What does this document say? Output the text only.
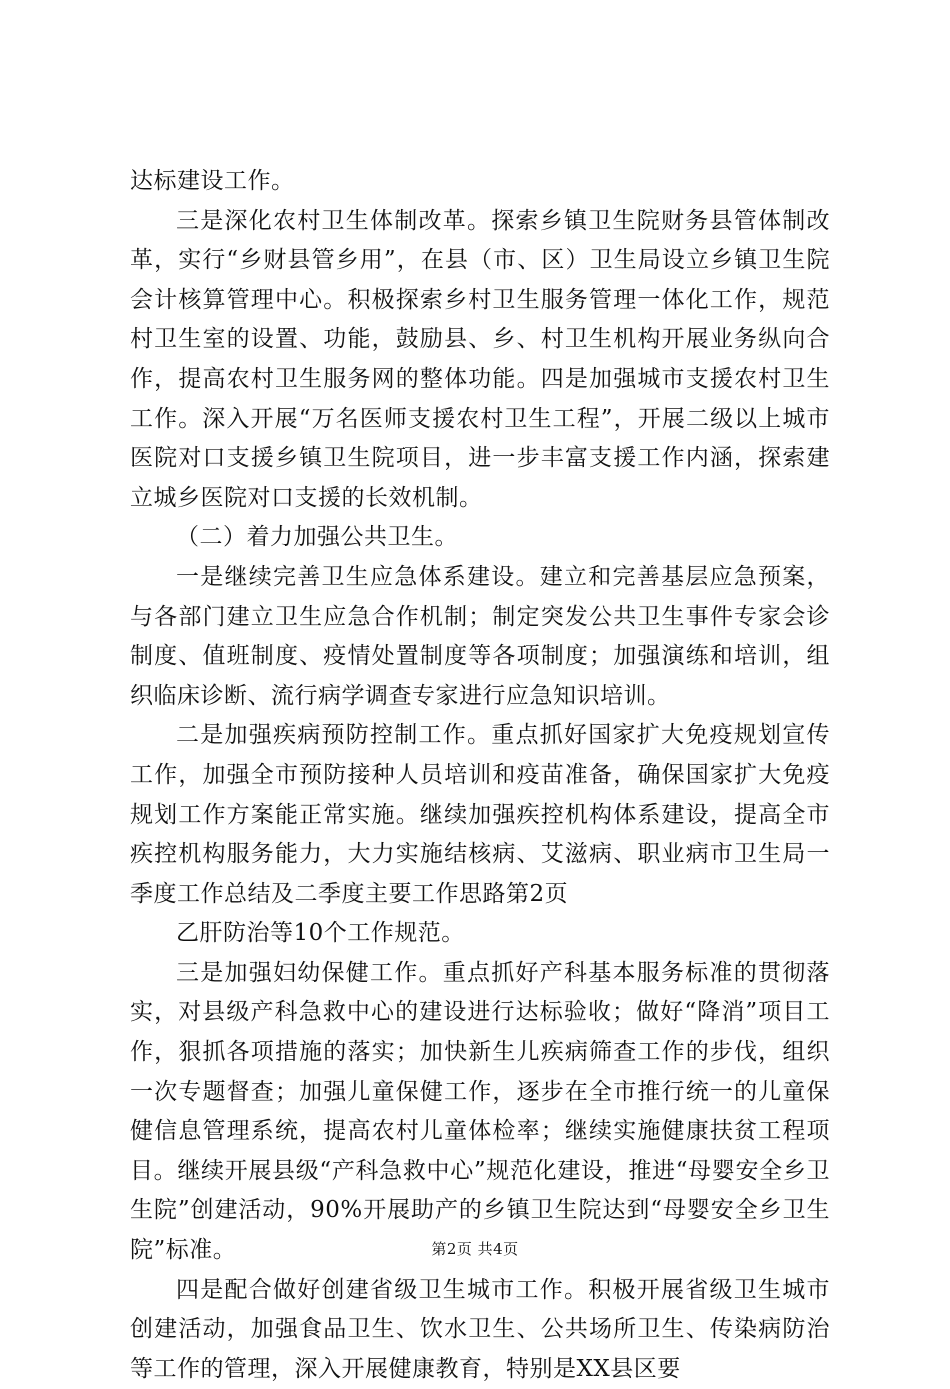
达标建设工作。

三是深化农村卫生体制改革。探索乡镇卫生院财务县管体制改革，实行“乡财县管乡用”，在县（市、区）卫生局设立乡镇卫生院会计核算管理中心。积极探索乡村卫生服务管理一体化工作，规范村卫生室的设置、功能，鼓励县、乡、村卫生机构开展业务纵向合作，提高农村卫生服务网的整体功能。四是加强城市支援农村卫生工作。深入开展“万名医师支援农村卫生工程”，开展二级以上城市医院对口支援乡镇卫生院项目，进一步丰富支援工作内涵，探索建立城乡医院对口支援的长效机制。

（二）着力加强公共卫生。

一是继续完善卫生应急体系建设。建立和完善基层应急预案，与各部门建立卫生应急合作机制；制定突发公共卫生事件专家会诊制度、值班制度、疫情处置制度等各项制度；加强演练和培训，组织临床诊断、流行病学调查专家进行应急知识培训。

二是加强疾病预防控制工作。重点抓好国家扩大免疫规划宣传工作，加强全市预防接种人员培训和疫苗准备，确保国家扩大免疫规划工作方案能正常实施。继续加强疾控机构体系建设，提高全市疾控机构服务能力，大力实施结核病、艾滋病、职业病市卫生局一季度工作总结及二季度主要工作思路第2页

乙肝防治等10个工作规范。

三是加强妇幼保健工作。重点抓好产科基本服务标准的贯彻落实，对县级产科急救中心的建设进行达标验收；做好“降消”项目工作，狠抓各项措施的落实；加快新生儿疾病筛查工作的步伐，组织一次专题督查；加强儿童保健工作，逐步在全市推行统一的儿童保健信息管理系统，提高农村儿童体检率；继续实施健康扶贫工程项目。继续开展县级“产科急救中心”规范化建设，推进“母婴安全乡卫生院”创建活动，90%开展助产的乡镇卫生院达到“母婴安全乡卫生院”标准。

四是配合做好创建省级卫生城市工作。积极开展省级卫生城市创建活动，加强食品卫生、饮水卫生、公共场所卫生、传染病防治等工作的管理，深入开展健康教育，特别是XX县区要

第2页 共4页
